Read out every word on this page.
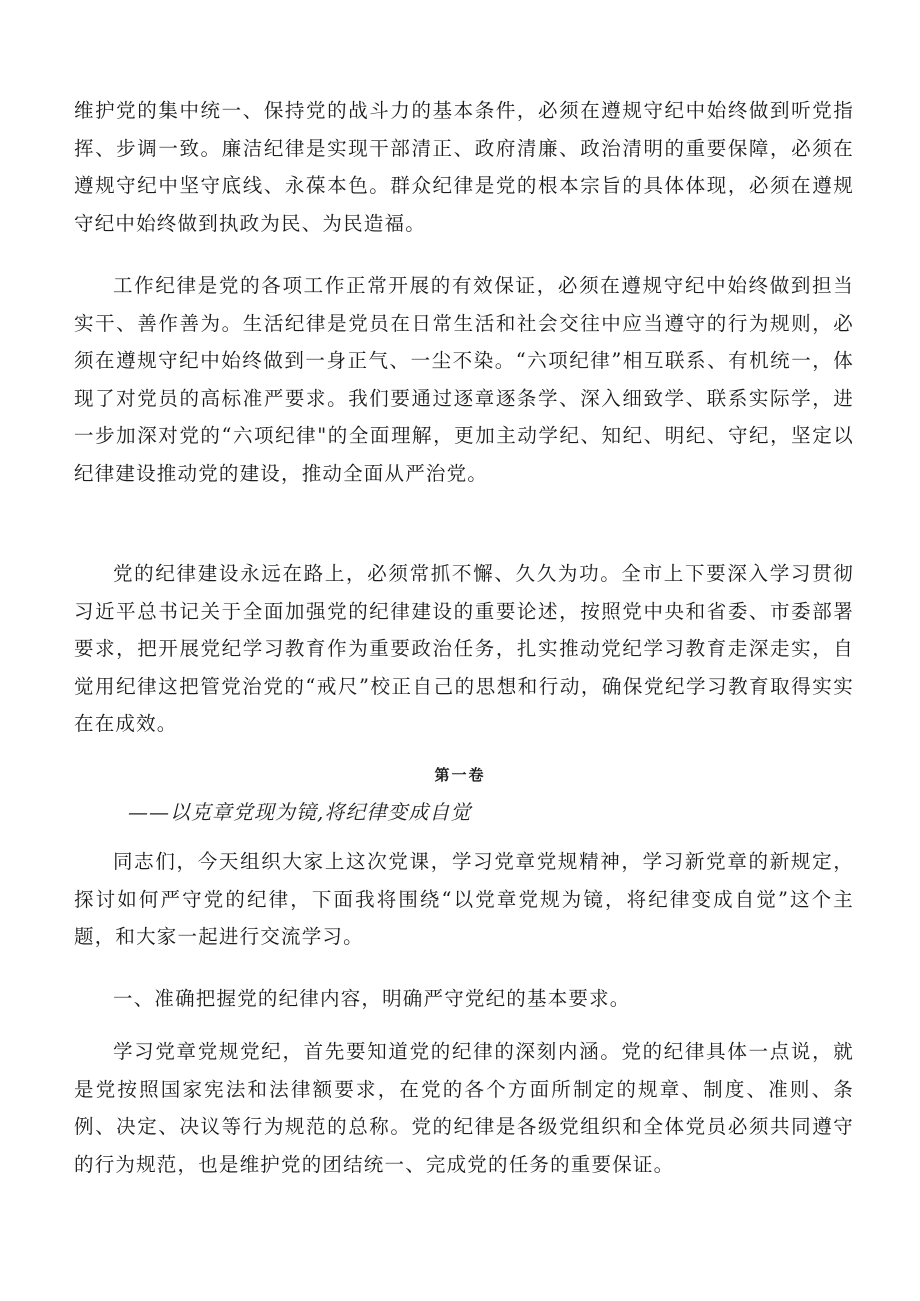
维护党的集中统一、保持党的战斗力的基本条件，必须在遵规守纪中始终做到听党指挥、步调一致。廉洁纪律是实现干部清正、政府清廉、政治清明的重要保障，必须在遵规守纪中坚守底线、永葆本色。群众纪律是党的根本宗旨的具体体现，必须在遵规守纪中始终做到执政为民、为民造福。

工作纪律是党的各项工作正常开展的有效保证，必须在遵规守纪中始终做到担当实干、善作善为。生活纪律是党员在日常生活和社会交往中应当遵守的行为规则，必须在遵规守纪中始终做到一身正气、一尘不染。“六项纪律”相互联系、有机统一，体现了对党员的高标准严要求。我们要通过逐章逐条学、深入细致学、联系实际学，进一步加深对党的“六项纪律"的全面理解，更加主动学纪、知纪、明纪、守纪，坚定以纪律建设推动党的建设，推动全面从严治党。

党的纪律建设永远在路上，必须常抓不懈、久久为功。全市上下要深入学习贯彻习近平总书记关于全面加强党的纪律建设的重要论述，按照党中央和省委、市委部署要求，把开展党纪学习教育作为重要政治任务，扎实推动党纪学习教育走深走实，自觉用纪律这把管党治党的“戒尺”校正自己的思想和行动，确保党纪学习教育取得实实在在成效。

第一卷

——以克章党现为镜,将纪律变成自觉

同志们，今天组织大家上这次党课，学习党章党规精神，学习新党章的新规定，探讨如何严守党的纪律，下面我将围绕“以党章党规为镜，将纪律变成自觉”这个主题，和大家一起进行交流学习。

一、准确把握党的纪律内容，明确严守党纪的基本要求。

学习党章党规党纪，首先要知道党的纪律的深刻内涵。党的纪律具体一点说，就是党按照国家宪法和法律额要求，在党的各个方面所制定的规章、制度、准则、条例、决定、决议等行为规范的总称。党的纪律是各级党组织和全体党员必须共同遵守的行为规范，也是维护党的团结统一、完成党的任务的重要保证。
